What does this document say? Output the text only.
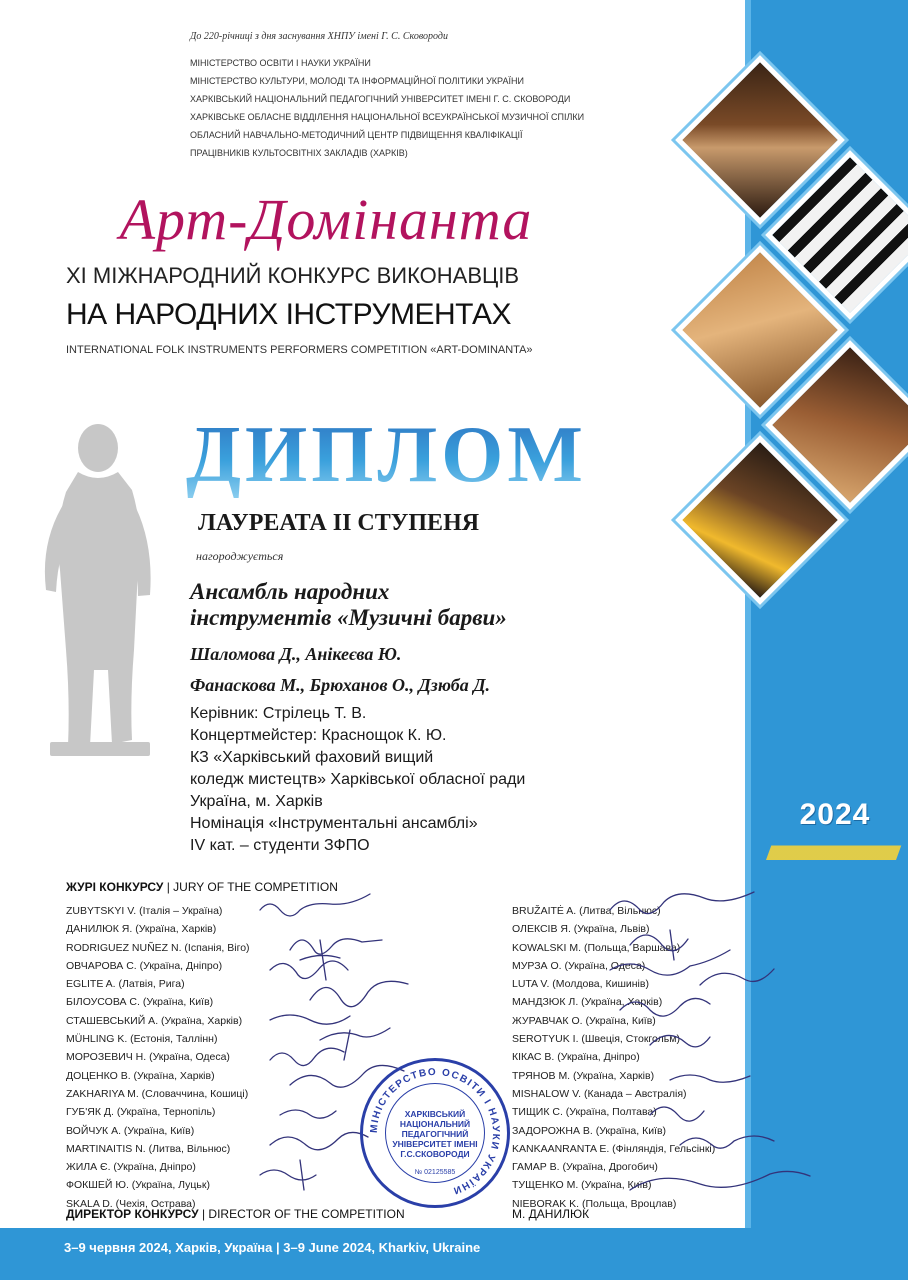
2024
До 220-річниці з дня заснування ХНПУ імені Г. С. Сковороди
МІНІСТЕРСТВО ОСВІТИ І НАУКИ УКРАЇНИ
МІНІСТЕРСТВО КУЛЬТУРИ, МОЛОДІ ТА ІНФОРМАЦІЙНОЇ ПОЛІТИКИ УКРАЇНИ
ХАРКІВСЬКИЙ НАЦІОНАЛЬНИЙ ПЕДАГОГІЧНИЙ УНІВЕРСИТЕТ ІМЕНІ Г. С. СКОВОРОДИ
ХАРКІВСЬКЕ ОБЛАСНЕ ВІДДІЛЕННЯ НАЦІОНАЛЬНОЇ ВСЕУКРАЇНСЬКОЇ МУЗИЧНОЇ СПІЛКИ
ОБЛАСНИЙ НАВЧАЛЬНО-МЕТОДИЧНИЙ ЦЕНТР ПІДВИЩЕННЯ КВАЛІФІКАЦІЇ
ПРАЦІВНИКІВ КУЛЬТОСВІТНІХ ЗАКЛАДІВ (ХАРКІВ)
Арт-Домінанта
ХІ МІЖНАРОДНИЙ КОНКУРС ВИКОНАВЦІВ
НА НАРОДНИХ ІНСТРУМЕНТАХ
INTERNATIONAL FOLK INSTRUMENTS PERFORMERS COMPETITION «ART-DOMINANTA»
ДИПЛОМ
ЛАУРЕАТА ІІ СТУПЕНЯ
нагороджується
Ансамбль народних
інструментів «Музичні барви»
Шаломова Д., Анікеєва Ю.
Фанаскова М., Брюханов О., Дзюба Д.
Керівник: Стрілець Т. В.
Концертмейстер: Краснощок К. Ю.
КЗ «Харківський фаховий вищий
коледж мистецтв» Харківської обласної ради
Україна, м. Харків
Номінація «Інструментальні ансамблі»
IV кат. – студенти ЗФПО
ЖУРІ КОНКУРСУ | JURY OF THE COMPETITION
ZUBYTSKYI V. (Італія – Україна)
ДАНИЛЮК Я. (Україна, Харків)
RODRIGUEZ NUÑEZ N. (Іспанія, Віго)
ОВЧАРОВА С. (Україна, Дніпро)
EGLITE A. (Латвія, Рига)
БІЛОУСОВА С. (Україна, Київ)
СТАШЕВСЬКИЙ А. (Україна, Харків)
MÜHLING K. (Естонія, Таллінн)
МОРОЗЕВИЧ Н. (Україна, Одеса)
ДОЦЕНКО В. (Україна, Харків)
ZAKHARIYA M. (Словаччина, Кошиці)
ГУБ'ЯК Д. (Україна, Тернопіль)
ВОЙЧУК А. (Україна, Київ)
MARTINAITIS N. (Литва, Вільнюс)
ЖИЛА Є. (Україна, Дніпро)
ФОКШЕЙ Ю. (Україна, Луцьк)
SKALA D. (Чехія, Острава)
BRUŽAITĖ A. (Литва, Вільнюс)
ОЛЕКСІВ Я. (Україна, Львів)
KOWALSKI M. (Польща, Варшава)
МУРЗА О. (Україна, Одеса)
LUTA V. (Молдова, Кишинів)
МАНДЗЮК Л. (Україна, Харків)
ЖУРАВЧАК О. (Україна, Київ)
SEROTYUK I. (Швеція, Стокгольм)
КІКАС В. (Україна, Дніпро)
ТРЯНОВ М. (Україна, Харків)
MISHALOW V. (Канада – Австралія)
ТИЩИК С. (Україна, Полтава)
ЗАДОРОЖНА В. (Україна, Київ)
KANKAANRANTA E. (Фінляндія, Гельсінкі)
ГАМАР В. (Україна, Дрогобич)
ТУЩЕНКО М. (Україна, Київ)
NIEBORAK K. (Польща, Вроцлав)
МІНІСТЕРСТВО ОСВІТИ І НАУКИ УКРАЇНИ
ХАРКІВСЬКИЙ НАЦІОНАЛЬНИЙ ПЕДАГОГІЧНИЙ УНІВЕРСИТЕТ ІМЕНІ Г.С.СКОВОРОДИ
№ 02125585
ДИРЕКТОР КОНКУРСУ | DIRECTOR OF THE COMPETITION	М. ДАНИЛЮК
3–9 червня 2024, Харків, Україна | 3–9 June 2024, Kharkiv, Ukraine
